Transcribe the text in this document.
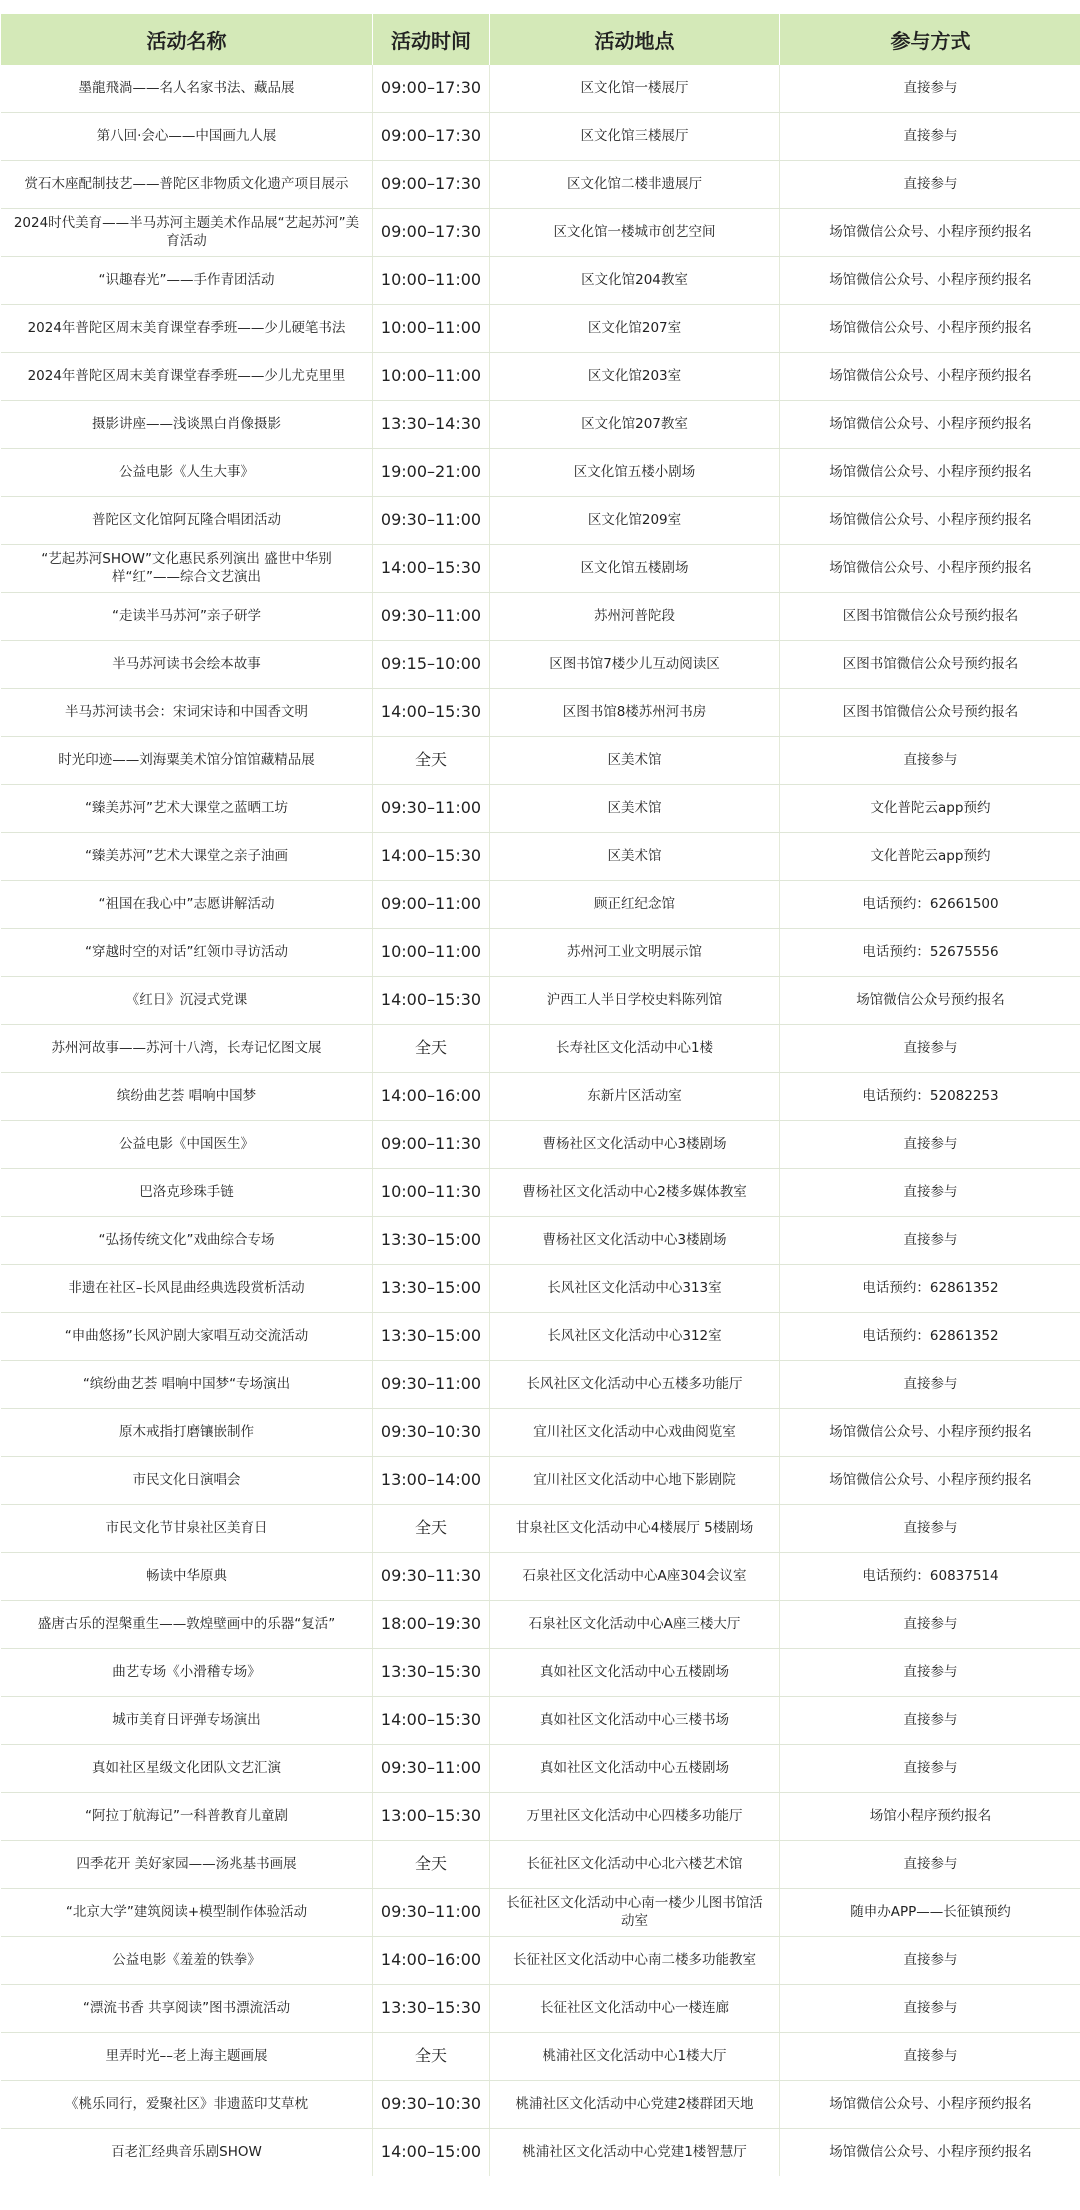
活动名称	活动时间	活动地点	参与方式
墨龍飛渦——名人名家书法、藏品展	09:00–17:30	区文化馆一楼展厅	直接参与
第八回·会心——中国画九人展	09:00–17:30	区文化馆三楼展厅	直接参与
赏石木座配制技艺——普陀区非物质文化遗产项目展示	09:00–17:30	区文化馆二楼非遗展厅	直接参与
2024时代美育——半马苏河主题美术作品展“艺起苏河”美育活动	09:00–17:30	区文化馆一楼城市创艺空间	场馆微信公众号、小程序预约报名
“识趣春光”——手作青团活动	10:00–11:00	区文化馆204教室	场馆微信公众号、小程序预约报名
2024年普陀区周末美育课堂春季班——少儿硬笔书法	10:00–11:00	区文化馆207室	场馆微信公众号、小程序预约报名
2024年普陀区周末美育课堂春季班——少儿尤克里里	10:00–11:00	区文化馆203室	场馆微信公众号、小程序预约报名
摄影讲座——浅谈黑白肖像摄影	13:30–14:30	区文化馆207教室	场馆微信公众号、小程序预约报名
公益电影《人生大事》	19:00–21:00	区文化馆五楼小剧场	场馆微信公众号、小程序预约报名
普陀区文化馆阿瓦隆合唱团活动	09:30–11:00	区文化馆209室	场馆微信公众号、小程序预约报名
“艺起苏河SHOW”文化惠民系列演出 盛世中华别样“红”——综合文艺演出	14:00–15:30	区文化馆五楼剧场	场馆微信公众号、小程序预约报名
“走读半马苏河”亲子研学	09:30–11:00	苏州河普陀段	区图书馆微信公众号预约报名
半马苏河读书会绘本故事	09:15–10:00	区图书馆7楼少儿互动阅读区	区图书馆微信公众号预约报名
半马苏河读书会：宋词宋诗和中国香文明	14:00–15:30	区图书馆8楼苏州河书房	区图书馆微信公众号预约报名
时光印迹——刘海粟美术馆分馆馆藏精品展	全天	区美术馆	直接参与
“臻美苏河”艺术大课堂之蓝晒工坊	09:30–11:00	区美术馆	文化普陀云app预约
“臻美苏河”艺术大课堂之亲子油画	14:00–15:30	区美术馆	文化普陀云app预约
“祖国在我心中”志愿讲解活动	09:00–11:00	顾正红纪念馆	电话预约：62661500
“穿越时空的对话”红领巾寻访活动	10:00–11:00	苏州河工业文明展示馆	电话预约：52675556
《红日》沉浸式党课	14:00–15:30	沪西工人半日学校史料陈列馆	场馆微信公众号预约报名
苏州河故事——苏河十八湾，长寿记忆图文展	全天	长寿社区文化活动中心1楼	直接参与
缤纷曲艺荟 唱响中国梦	14:00–16:00	东新片区活动室	电话预约：52082253
公益电影《中国医生》	09:00–11:30	曹杨社区文化活动中心3楼剧场	直接参与
巴洛克珍珠手链	10:00–11:30	曹杨社区文化活动中心2楼多媒体教室	直接参与
“弘扬传统文化”戏曲综合专场	13:30–15:00	曹杨社区文化活动中心3楼剧场	直接参与
非遗在社区–长风昆曲经典选段赏析活动	13:30–15:00	长风社区文化活动中心313室	电话预约：62861352
“申曲悠扬”长风沪剧大家唱互动交流活动	13:30–15:00	长风社区文化活动中心312室	电话预约：62861352
“缤纷曲艺荟 唱响中国梦“专场演出	09:30–11:00	长风社区文化活动中心五楼多功能厅	直接参与
原木戒指打磨镶嵌制作	09:30–10:30	宜川社区文化活动中心戏曲阅览室	场馆微信公众号、小程序预约报名
市民文化日演唱会	13:00–14:00	宜川社区文化活动中心地下影剧院	场馆微信公众号、小程序预约报名
市民文化节甘泉社区美育日	全天	甘泉社区文化活动中心4楼展厅 5楼剧场	直接参与
畅读中华原典	09:30–11:30	石泉社区文化活动中心A座304会议室	电话预约：60837514
盛唐古乐的涅槃重生——敦煌壁画中的乐器“复活”	18:00–19:30	石泉社区文化活动中心A座三楼大厅	直接参与
曲艺专场《小滑稽专场》	13:30–15:30	真如社区文化活动中心五楼剧场	直接参与
城市美育日评弹专场演出	14:00–15:30	真如社区文化活动中心三楼书场	直接参与
真如社区星级文化团队文艺汇演	09:30–11:00	真如社区文化活动中心五楼剧场	直接参与
“阿拉丁航海记”一科普教育儿童剧	13:00–15:30	万里社区文化活动中心四楼多功能厅	场馆小程序预约报名
四季花开 美好家园——汤兆基书画展	全天	长征社区文化活动中心北六楼艺术馆	直接参与
“北京大学”建筑阅读+模型制作体验活动	09:30–11:00	长征社区文化活动中心南一楼少儿图书馆活动室	随申办APP——长征镇预约
公益电影《羞羞的铁拳》	14:00–16:00	长征社区文化活动中心南二楼多功能教室	直接参与
“漂流书香 共享阅读”图书漂流活动	13:30–15:30	长征社区文化活动中心一楼连廊	直接参与
里弄时光––老上海主题画展	全天	桃浦社区文化活动中心1楼大厅	直接参与
《桃乐同行，爱聚社区》非遗蓝印艾草枕	09:30–10:30	桃浦社区文化活动中心党建2楼群团天地	场馆微信公众号、小程序预约报名
百老汇经典音乐剧SHOW	14:00–15:00	桃浦社区文化活动中心党建1楼智慧厅	场馆微信公众号、小程序预约报名
